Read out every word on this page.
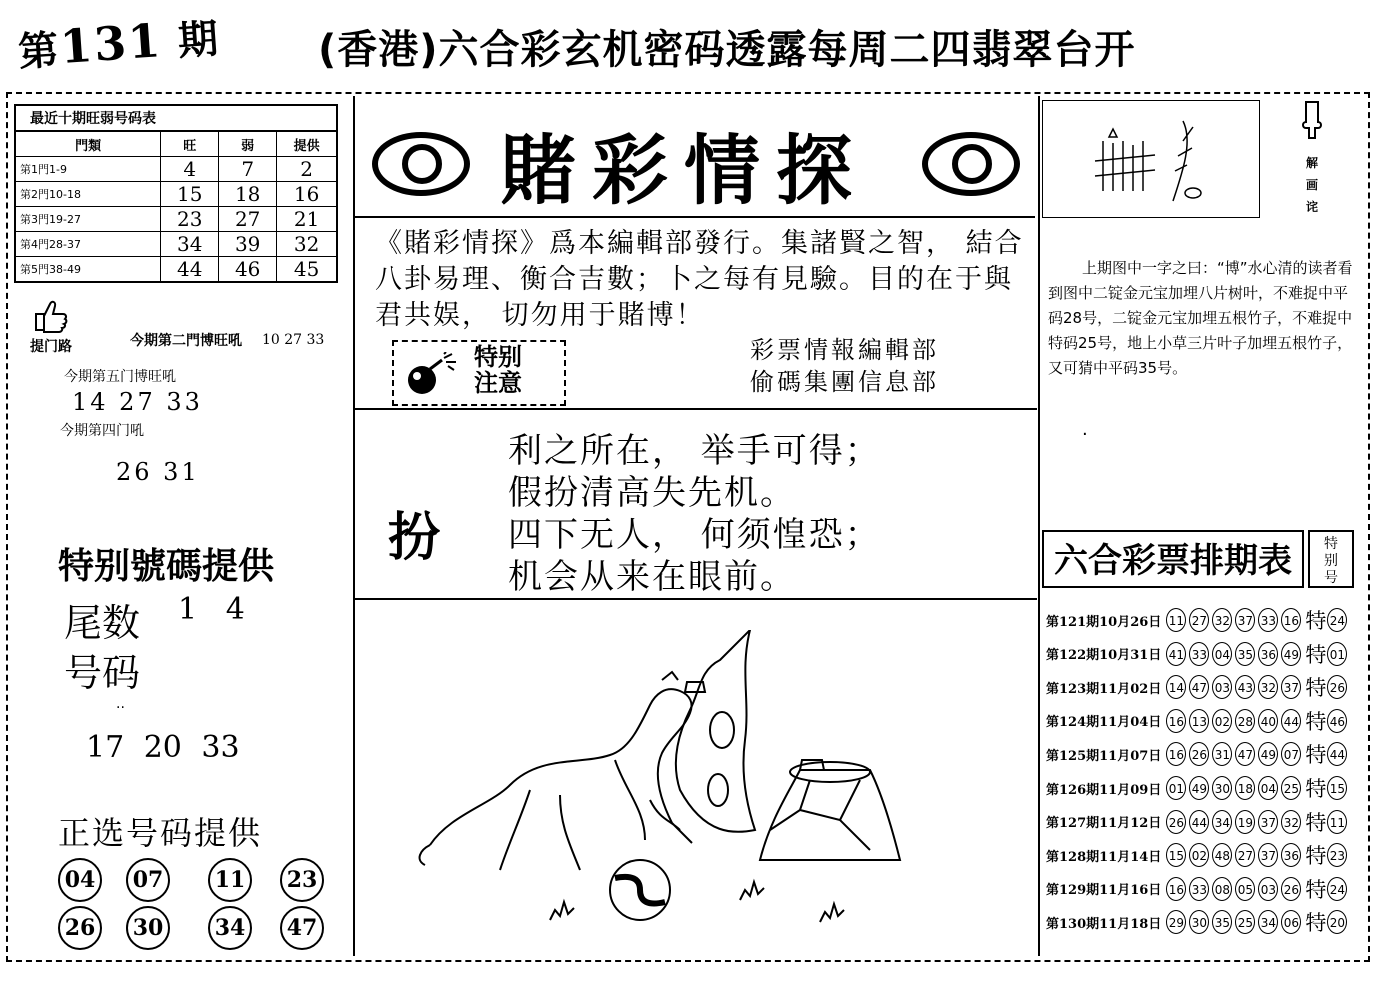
第131 期 (香港)六合彩玄机密码透露每周二四翡翠台开
最近十期旺弱号码表
門類	旺	弱	提供
第1門1-9	4	7	2
第2門10-18	15	18	16
第3門19-27	23	27	21
第4門28-37	34	39	32
第5門38-49	44	46	45
提门路	今期第二門博旺吼 10 27 33
今期第五门博旺吼
14 27 33
今期第四门吼
26 31
特别號碼提供
尾数 1   4
号码
..
17 20 33
正选号码提供
04	07	11	23
26	30	34	47
賭彩情探
《賭彩情探》爲本編輯部發行。集諸賢之智， 結合八卦易理、衡合吉數；卜之每有見驗。目的在于與君共娱， 切勿用于賭博！
特别
注意
彩票情報編輯部
偷碼集團信息部
扮
利之所在， 举手可得；
假扮清高失先机。
四下无人， 何须惶恐；
机会从来在眼前。
解
画
诧
上期图中一字之曰：“博”水心清的读者看到图中二锭金元宝加埋八片树叶，不难捉中平码28号，二锭金元宝加埋五根竹子，不难捉中特码25号，地上小草三片叶子加埋五根竹子，又可猜中平码35号。
·
六合彩票排期表	特
别
号
第121期10月26日 11 27 32 37 33 16 特 24
第122期10月31日 41 33 04 35 36 49 特 01
第123期11月02日 14 47 03 43 32 37 特 26
第124期11月04日 16 13 02 28 40 44 特 46
第125期11月07日 16 26 31 47 49 07 特 44
第126期11月09日 01 49 30 18 04 25 特 15
第127期11月12日 26 44 34 19 37 32 特 11
第128期11月14日 15 02 48 27 37 36 特 23
第129期11月16日 16 33 08 05 03 26 特 24
第130期11月18日 29 30 35 25 34 06 特 20
